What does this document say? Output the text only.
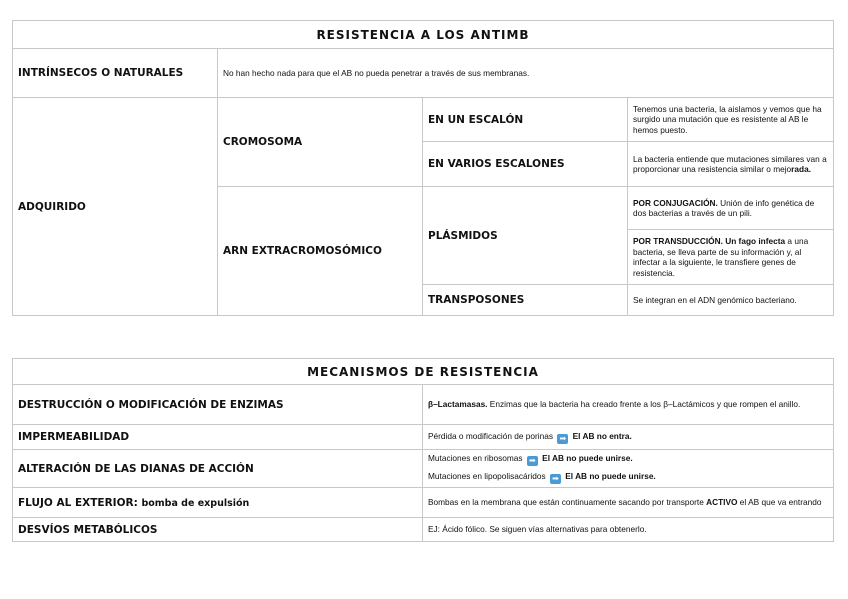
RESISTENCIA A LOS ANTIMB			
INTRÍNSECOS O NATURALES	No han hecho nada para que el AB no pueda penetrar a través de sus membranas.		
ADQUIRIDO	CROMOSOMA	EN UN ESCALÓN	Tenemos una bacteria, la aislamos y vemos que ha surgido una mutación que es resistente al AB le hemos puesto.
		EN VARIOS ESCALONES	La bacteria entiende que mutaciones similares van a proporcionar una resistencia similar o mejorada.
	ARN EXTRACROMOSÓMICO	PLÁSMIDOS	POR CONJUGACIÓN. Unión de info genética de dos bacterias a través de un pili.
			POR TRANSDUCCIÓN. Un fago infecta a una bacteria, se lleva parte de su información y, al infectar a la siguiente, le transfiere genes de resistencia.
		TRANSPOSONES	Se integran en el ADN genómico bacteriano.
MECANISMOS DE RESISTENCIA	
DESTRUCCIÓN O MODIFICACIÓN DE ENZIMAS	β–Lactamasas. Enzimas que la bacteria ha creado frente a los β–Lactámicos y que rompen el anillo.
IMPERMEABILIDAD	Pérdida o modificación de porinas ➡ El AB no entra.
ALTERACIÓN DE LAS DIANAS DE ACCIÓN	Mutaciones en ribosomas ➡ El AB no puede unirse.
Mutaciones en lipopolisacáridos ➡ El AB no puede unirse.

FLUJO AL EXTERIOR: bomba de expulsión	Bombas en la membrana que están continuamente sacando por transporte ACTIVO el AB que va entrando
DESVÍOS METABÓLICOS	EJ: Ácido fólico. Se siguen vías alternativas para obtenerlo.
